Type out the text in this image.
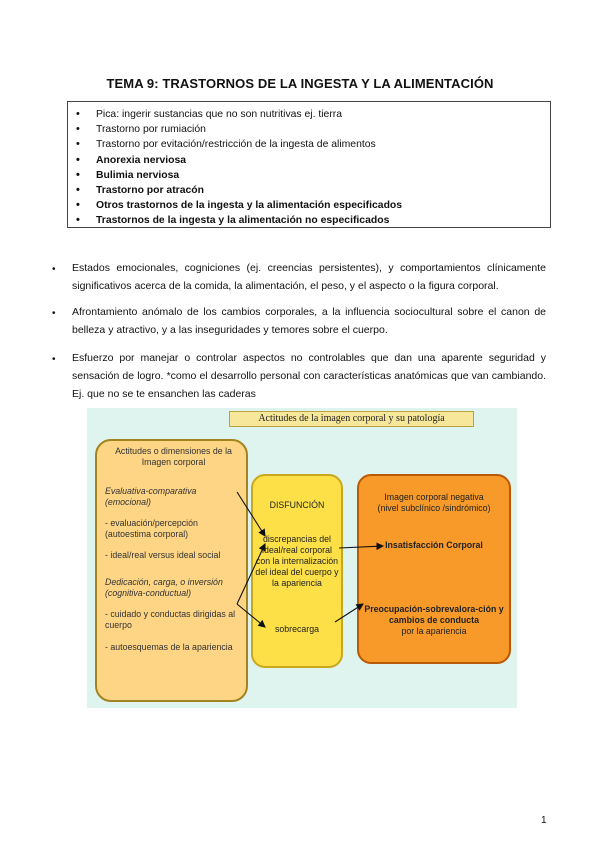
TEMA 9: TRASTORNOS DE LA INGESTA Y LA ALIMENTACIÓN
• Pica: ingerir sustancias que no son nutritivas ej. tierra
• Trastorno por rumiación
• Trastorno por evitación/restricción de la ingesta de alimentos
• Anorexia nerviosa
• Bulimia nerviosa
• Trastorno por atracón
• Otros trastornos de la ingesta y la alimentación especificados
• Trastornos de la ingesta y la alimentación no especificados
• Estados emocionales, cogniciones (ej. creencias persistentes), y comportamientos clínicamente significativos acerca de la comida, la alimentación, el peso, y el aspecto o la figura corporal.
• Afrontamiento anómalo de los cambios corporales, a la influencia sociocultural sobre el canon de belleza y atractivo, y a las inseguridades y temores sobre el cuerpo.
• Esfuerzo por manejar o controlar aspectos no controlables que dan una aparente seguridad y sensación de logro. *como el desarrollo personal con características anatómicas que van cambiando. Ej. que no se te ensanchen las caderas
Actitudes de la imagen corporal y su patología
Actitudes o dimensiones de la Imagen corporal
Evaluativa-comparativa (emocional)
- evaluación/percepción (autoestima corporal)
- ideal/real versus ideal social
Dedicación, carga, o inversión (cognitiva-conductual)
- cuidado y conductas dirigidas al cuerpo
- autoesquemas de la apariencia
DISFUNCIÓN
discrepancias del ideal/real corporal con la internalización del ideal del cuerpo y la apariencia
sobrecarga
Imagen corporal negativa (nivel subclínico /sindrómico)
Insatisfacción Corporal
Preocupación-sobrevalora-ción y cambios de conducta
por la apariencia
1
